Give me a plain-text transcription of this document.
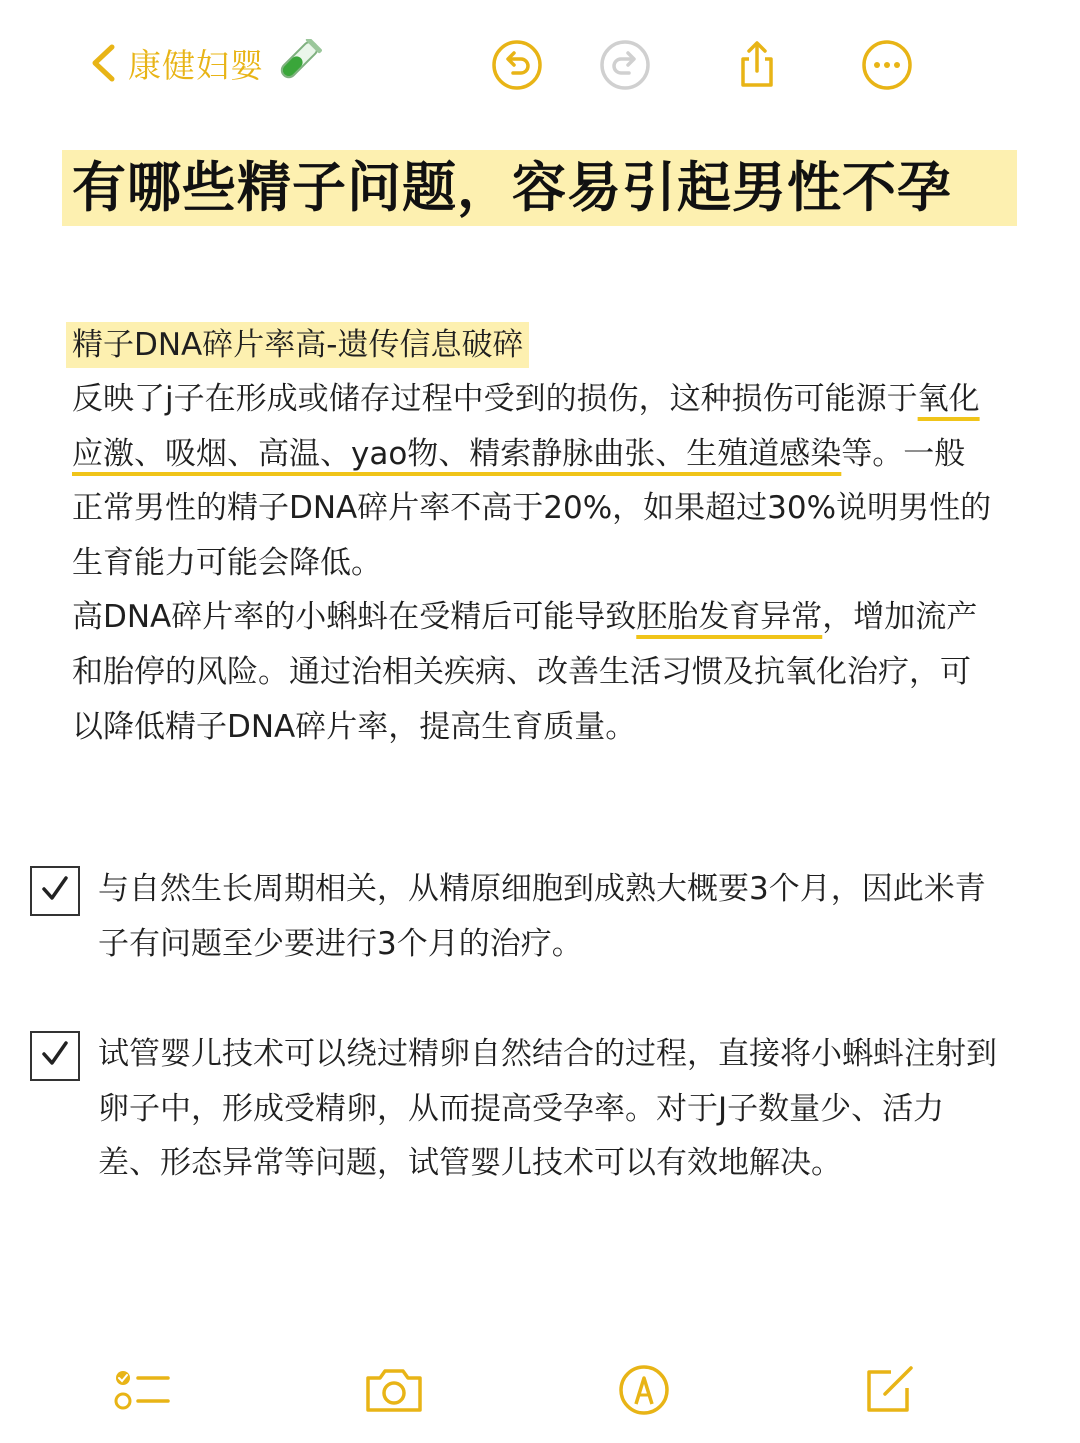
康健妇婴
有哪些精子问题，容易引起男性不孕
精子DNA碎片率高-遗传信息破碎

反映了j子在形成或储存过程中受到的损伤，这种损伤可能源于氧化应激、吸烟、高温、yao物、精索静脉曲张、生殖道感染等。一般正常男性的精子DNA碎片率不高于20%，如果超过30%说明男性的生育能力可能会降低。

高DNA碎片率的小蝌蚪在受精后可能导致胚胎发育异常，增加流产和胎停的风险。通过治相关疾病、改善生活习惯及抗氧化治疗，可以降低精子DNA碎片率，提高生育质量。

与自然生长周期相关，从精原细胞到成熟大概要3个月，因此米青子有问题至少要进行3个月的治疗。
试管婴儿技术可以绕过精卵自然结合的过程，直接将小蝌蚪注射到卵子中，形成受精卵，从而提高受孕率。对于J子数量少、活力差、形态异常等问题，试管婴儿技术可以有效地解决。
